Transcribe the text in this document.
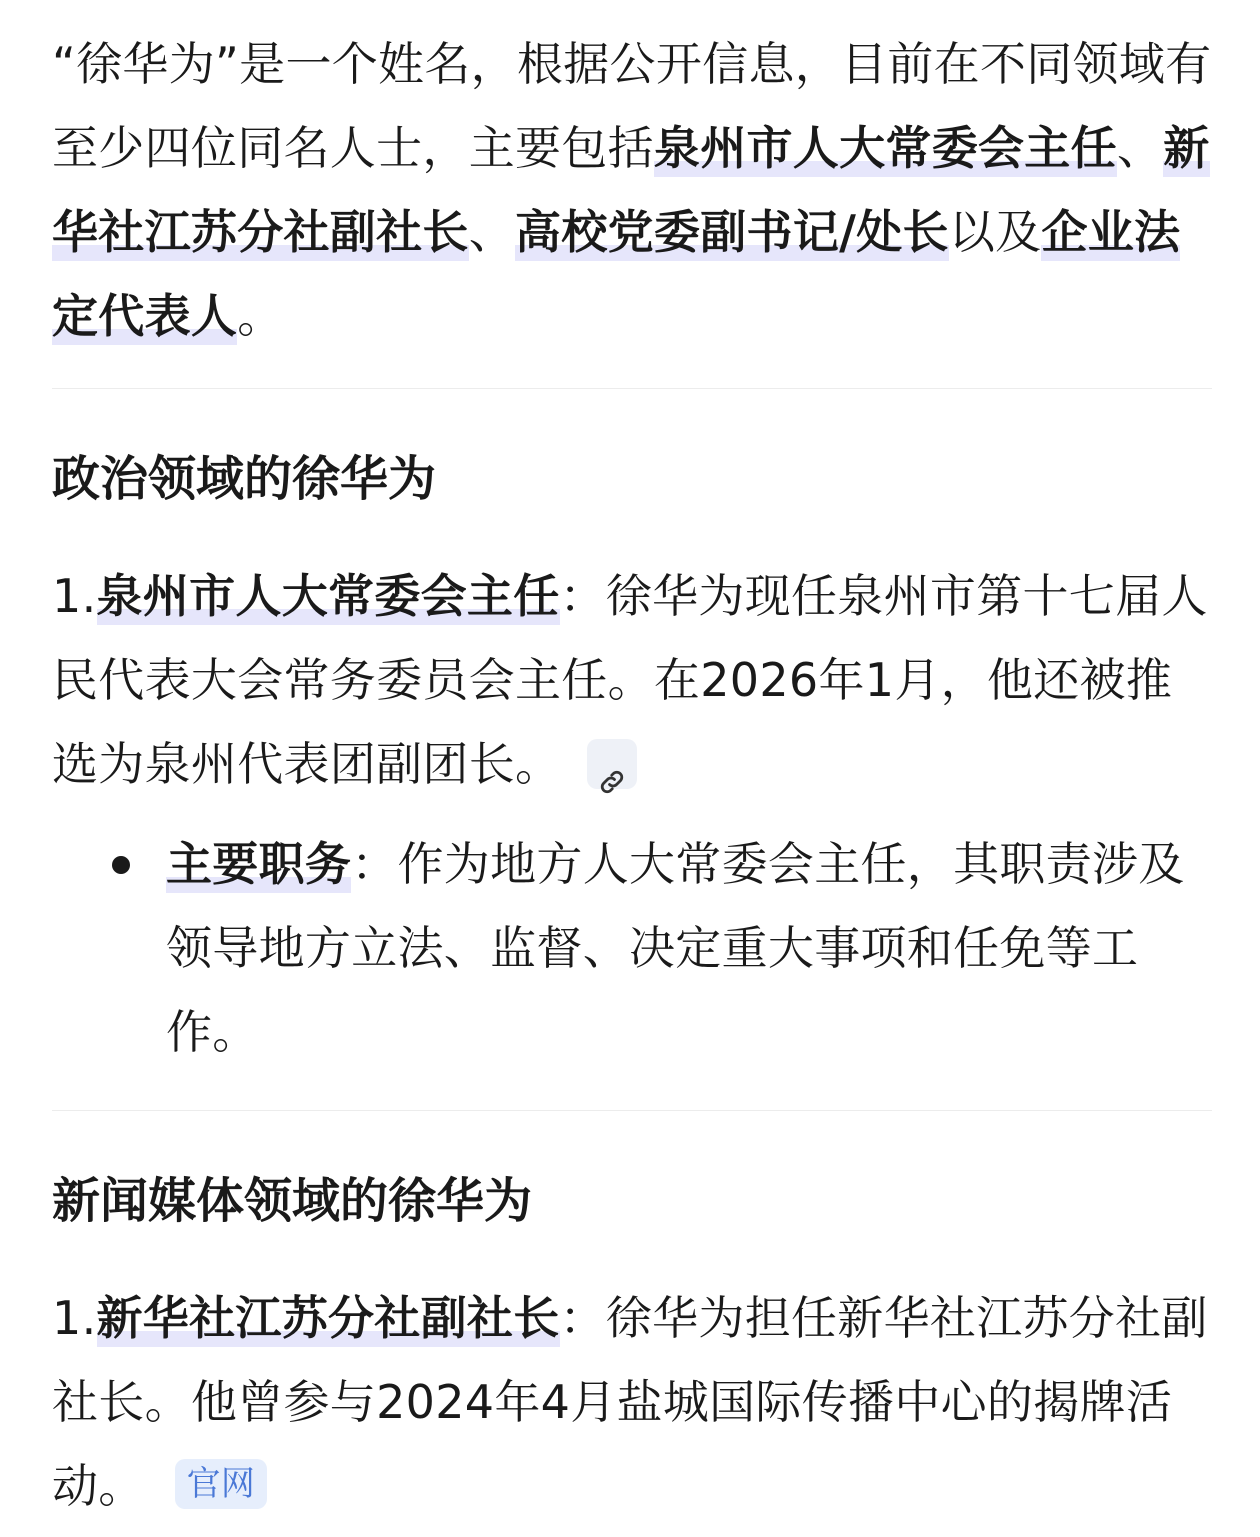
“徐华为”是一个姓名，根据公开信息，目前在不同领域有至少四位同名人士，主要包括泉州市人大常委会主任、新华社江苏分社副社长、高校党委副书记/处长以及企业法定代表人。

政治领域的徐华为
1.泉州市人大常委会主任：徐华为现任泉州市第十七届人民代表大会常务委员会主任。在2026年1月，他还被推选为泉州代表团副团长。
主要职务：作为地方人大常委会主任，其职责涉及领导地方立法、监督、决定重大事项和任免等工作。
新闻媒体领域的徐华为
1.新华社江苏分社副社长：徐华为担任新华社江苏分社副社长。他曾参与2024年4月盐城国际传播中心的揭牌活动。 官网
